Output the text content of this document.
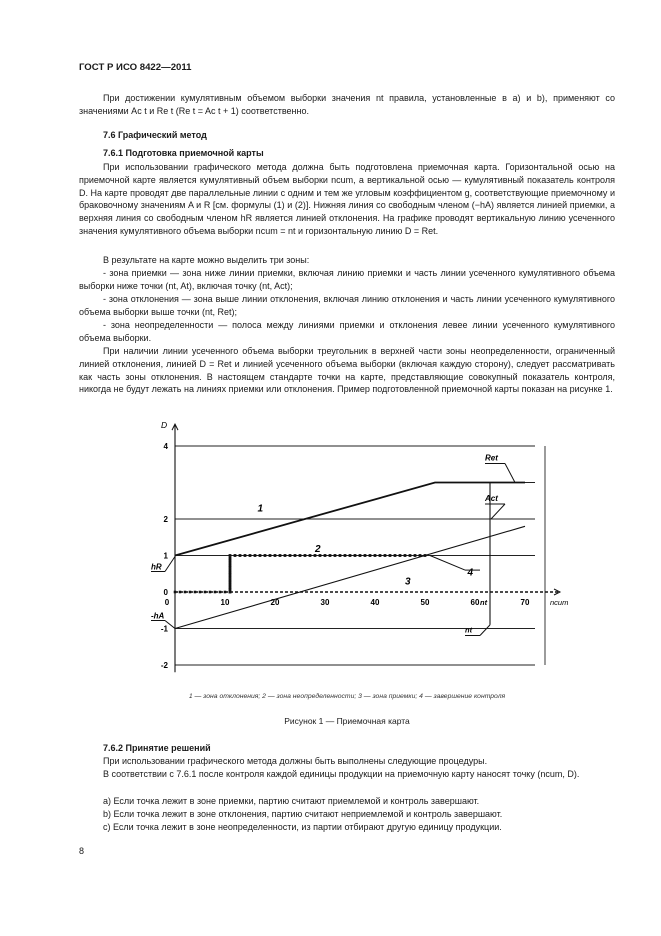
ГОСТ Р ИСО 8422—2011

При достижении кумулятивным объемом выборки значения nt правила, установленные в а) и b), применяют со значениями Ac t и Re t (Re t = Ac t + 1) соответственно.

7.6 Графический метод

7.6.1 Подготовка приемочной карты

При использовании графического метода должна быть подготовлена приемочная карта. Горизонтальной осью на приемочной карте является кумулятивный объем выборки ncum, а вертикальной осью — кумулятивный показатель контроля D. На карте проводят две параллельные линии с одним и тем же угловым коэффициентом g, соответствующие приемочному и браковочному значениям A и R [см. формулы (1) и (2)]. Нижняя линия со свободным членом (−hA) является линией приемки, а верхняя линия со свободным членом hR является линией отклонения. На графике проводят вертикальную линию усеченного значения кумулятивного объема выборки ncum = nt и горизонтальную линию D = Ret.

В результате на карте можно выделить три зоны:

- зона приемки — зона ниже линии приемки, включая линию приемки и часть линии усеченного кумулятивного объема выборки ниже точки (nt, At), включая точку (nt, Act);

- зона отклонения — зона выше линии отклонения, включая линию отклонения и часть линии усеченного кумулятивного объема выборки выше точки (nt, Ret);

- зона неопределенности — полоса между линиями приемки и отклонения левее линии усеченного кумулятивного объема выборки.

При наличии линии усеченного объема выборки треугольник в верхней части зоны неопределенности, ограниченный линией отклонения, линией D = Ret и линией усеченного объема выборки (включая каждую сторону), следует рассматривать как часть зоны отклонения. В настоящем стандарте точки на карте, представляющие совокупный показатель контроля, никогда не будут лежать на линиях приемки или отклонения. Пример подготовленной приемочной карты показан на рисунке 1.

4
2
1
0
-1
-2
0	10	20	30	40	50	60	70
D
ncum
hR
-hA
Ret
Act
nt
nt
1
2
3
4
1 — зона отклонения; 2 — зона неопределенности; 3 — зона приемки; 4 — завершение контроля
Рисунок 1 — Приемочная карта

7.6.2 Принятие решений

При использовании графического метода должны быть выполнены следующие процедуры.

В соответствии с 7.6.1 после контроля каждой единицы продукции на приемочную карту наносят точку (ncum, D).

a) Если точка лежит в зоне приемки, партию считают приемлемой и контроль завершают.
b) Если точка лежит в зоне отклонения, партию считают неприемлемой и контроль завершают.
c) Если точка лежит в зоне неопределенности, из партии отбирают другую единицу продукции.
8
